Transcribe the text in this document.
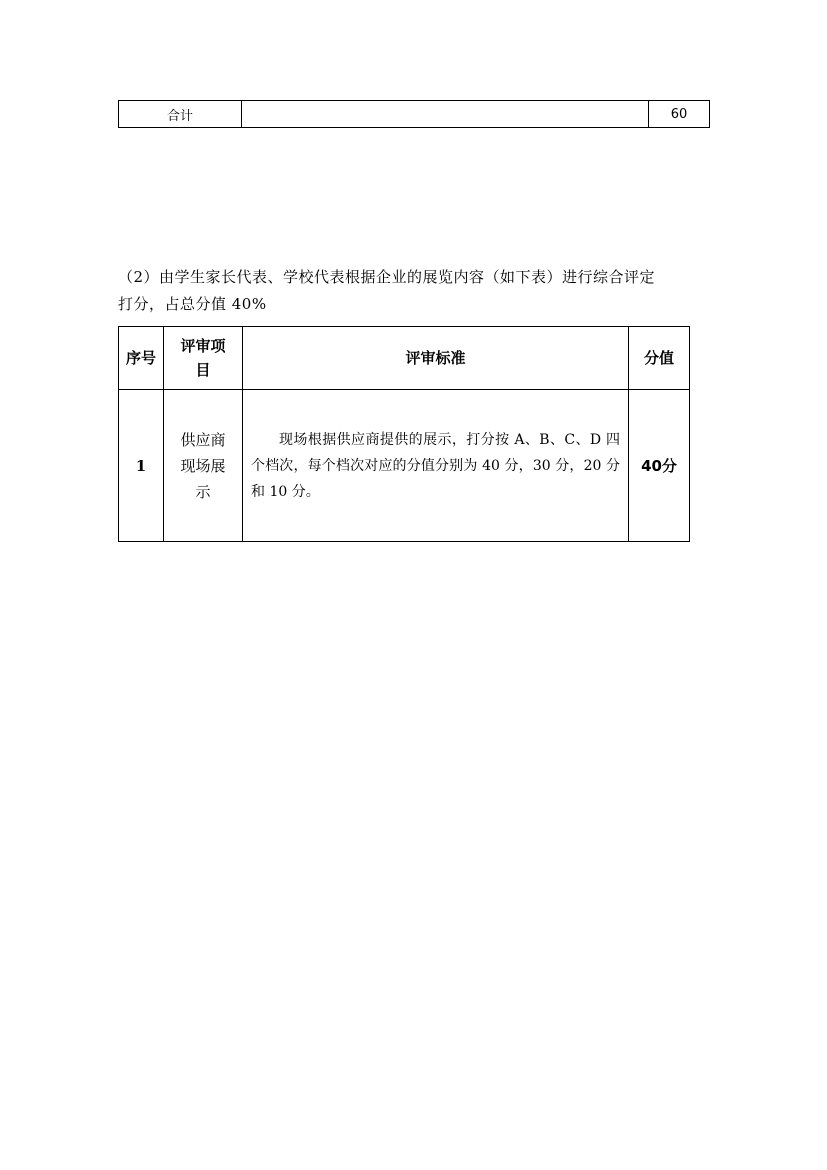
合计		60
（2）由学生家长代表、学校代表根据企业的展览内容（如下表）进行综合评定
打分，占总分值 40%
序号	评审项目	评审标准	分值
1	供应商现场展示	现场根据供应商提供的展示，打分按 A、B、C、D 四个档次，每个档次对应的分值分别为 40 分，30 分，20 分和 10 分。	40分
